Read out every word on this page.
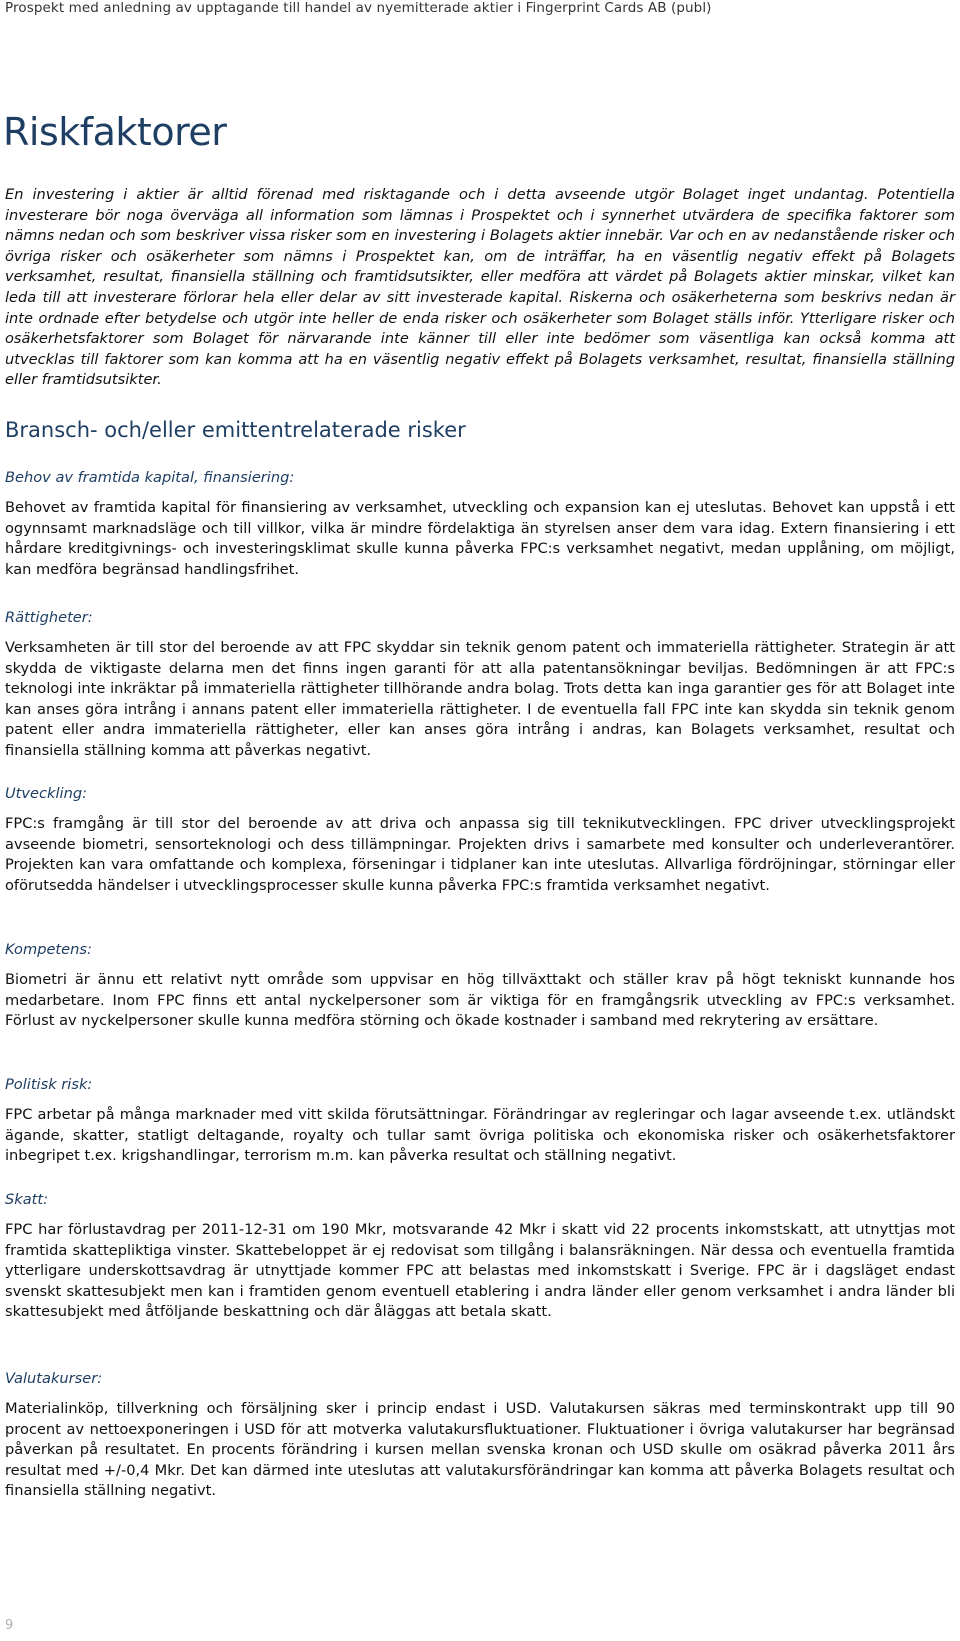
Prospekt med anledning av upptagande till handel av nyemitterade aktier i Fingerprint Cards AB (publ)
Riskfaktorer

En investering i aktier är alltid förenad med risktagande och i detta avseende utgör Bolaget inget undantag. Potentiella investerare bör noga överväga all information som lämnas i Prospektet och i synnerhet utvärdera de specifika faktorer som nämns nedan och som beskriver vissa risker som en investering i Bolagets aktier innebär. Var och en av nedanstående risker och övriga risker och osäkerheter som nämns i Prospektet kan, om de inträffar, ha en väsentlig negativ effekt på Bolagets verksamhet, resultat, finansiella ställning och framtidsutsikter, eller medföra att värdet på Bolagets aktier minskar, vilket kan leda till att investerare förlorar hela eller delar av sitt investerade kapital. Riskerna och osäkerheterna som beskrivs nedan är inte ordnade efter betydelse och utgör inte heller de enda risker och osäkerheter som Bolaget ställs inför. Ytterligare risker och osäkerhetsfaktorer som Bolaget för närvarande inte känner till eller inte bedömer som väsentliga kan också komma att utvecklas till faktorer som kan komma att ha en väsentlig negativ effekt på Bolagets verksamhet, resultat, finansiella ställning eller framtidsutsikter.

Bransch- och/eller emittentrelaterade risker
Behov av framtida kapital, finansiering:

Behovet av framtida kapital för finansiering av verksamhet, utveckling och expansion kan ej uteslutas. Behovet kan uppstå i ett ogynnsamt marknadsläge och till villkor, vilka är mindre fördelaktiga än styrelsen anser dem vara idag. Extern finansiering i ett hårdare kreditgivnings- och investeringsklimat skulle kunna påverka FPC:s verksamhet negativt, medan upplåning, om möjligt, kan medföra begränsad handlingsfrihet.

Rättigheter:

Verksamheten är till stor del beroende av att FPC skyddar sin teknik genom patent och immateriella rättigheter. Strategin är att skydda de viktigaste delarna men det finns ingen garanti för att alla patentansökningar beviljas. Bedömningen är att FPC:s teknologi inte inkräktar på immateriella rättigheter tillhörande andra bolag. Trots detta kan inga garantier ges för att Bolaget inte kan anses göra intrång i annans patent eller immateriella rättigheter. I de eventuella fall FPC inte kan skydda sin teknik genom patent eller andra immateriella rättigheter, eller kan anses göra intrång i andras, kan Bolagets verksamhet, resultat och finansiella ställning komma att påverkas negativt.

Utveckling:

FPC:s framgång är till stor del beroende av att driva och anpassa sig till teknikutvecklingen. FPC driver utvecklingsprojekt avseende biometri, sensorteknologi och dess tillämpningar. Projekten drivs i samarbete med konsulter och underleverantörer. Projekten kan vara omfattande och komplexa, förseningar i tidplaner kan inte uteslutas. Allvarliga fördröjningar, störningar eller oförutsedda händelser i utvecklingsprocesser skulle kunna påverka FPC:s framtida verksamhet negativt.

Kompetens:

Biometri är ännu ett relativt nytt område som uppvisar en hög tillväxttakt och ställer krav på högt tekniskt kunnande hos medarbetare. Inom FPC finns ett antal nyckelpersoner som är viktiga för en framgångsrik utveckling av FPC:s verksamhet. Förlust av nyckelpersoner skulle kunna medföra störning och ökade kostnader i samband med rekrytering av ersättare.

Politisk risk:

FPC arbetar på många marknader med vitt skilda förutsättningar. Förändringar av regleringar och lagar avseende t.ex. utländskt ägande, skatter, statligt deltagande, royalty och tullar samt övriga politiska och ekonomiska risker och osäkerhetsfaktorer inbegripet t.ex. krigshandlingar, terrorism m.m. kan påverka resultat och ställning negativt.

Skatt:

FPC har förlustavdrag per 2011-12-31 om 190 Mkr, motsvarande 42 Mkr i skatt vid 22 procents inkomstskatt, att utnyttjas mot framtida skattepliktiga vinster. Skattebeloppet är ej redovisat som tillgång i balansräkningen. När dessa och eventuella framtida ytterligare underskottsavdrag är utnyttjade kommer FPC att belastas med inkomstskatt i Sverige. FPC är i dagsläget endast svenskt skattesubjekt men kan i framtiden genom eventuell etablering i andra länder eller genom verksamhet i andra länder bli skattesubjekt med åtföljande beskattning och där åläggas att betala skatt.

Valutakurser:

Materialinköp, tillverkning och försäljning sker i princip endast i USD. Valutakursen säkras med terminskontrakt upp till 90 procent av nettoexponeringen i USD för att motverka valutakursfluktuationer. Fluktuationer i övriga valutakurser har begränsad påverkan på resultatet. En procents förändring i kursen mellan svenska kronan och USD skulle om osäkrad påverka 2011 års resultat med +/-0,4 Mkr. Det kan därmed inte uteslutas att valutakursförändringar kan komma att påverka Bolagets resultat och finansiella ställning negativt.

9
